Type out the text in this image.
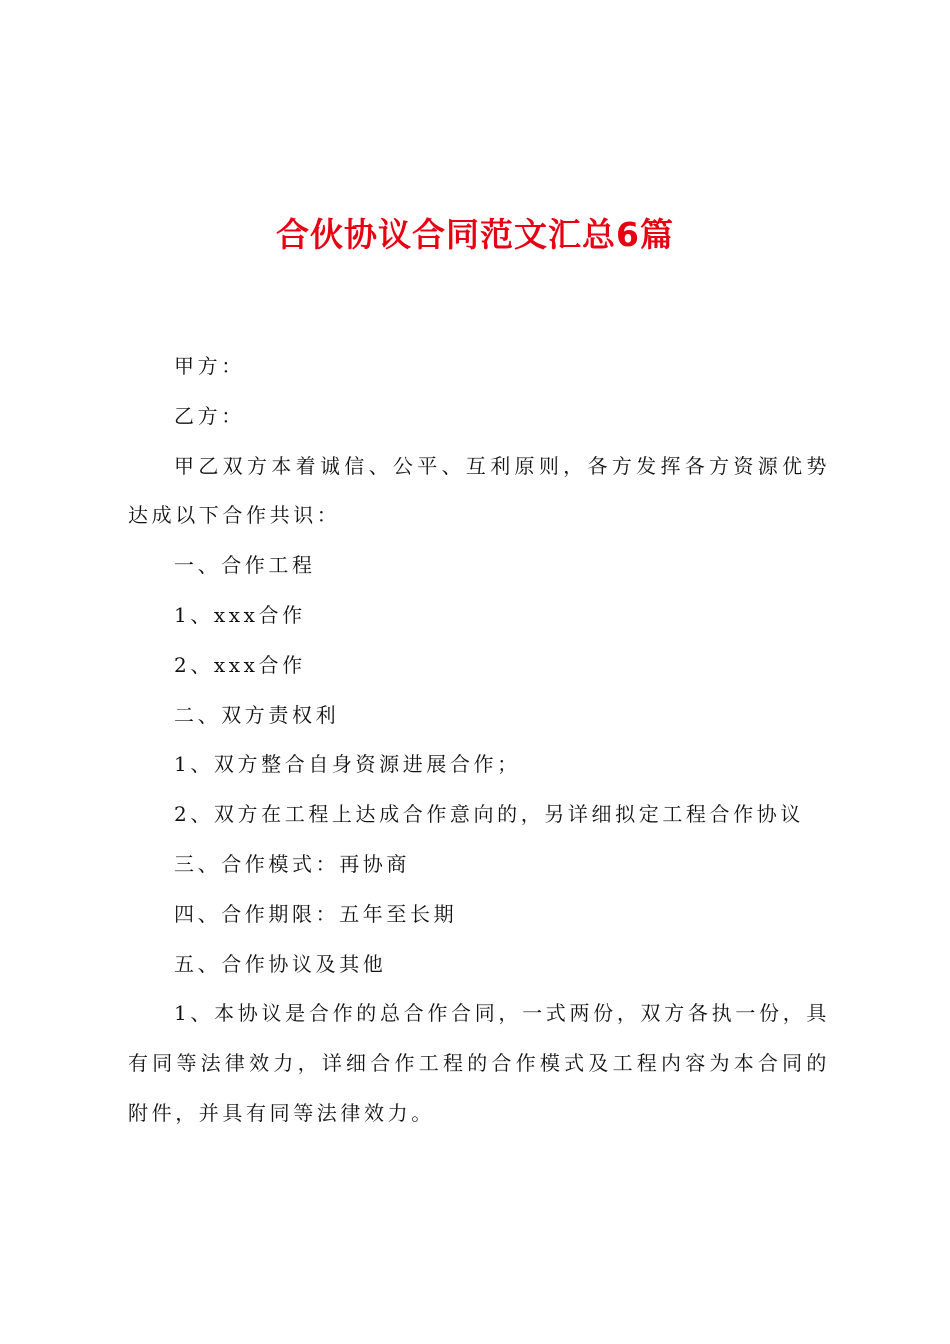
合伙协议合同范文汇总6篇

甲方：

乙方：

甲乙双方本着诚信、公平、互利原则，各方发挥各方资源优势达成以下合作共识：

一、合作工程

1、xxx合作

2、xxx合作

二、双方责权利

1、双方整合自身资源进展合作；

2、双方在工程上达成合作意向的，另详细拟定工程合作协议

三、合作模式：再协商

四、合作期限：五年至长期

五、合作协议及其他

1、本协议是合作的总合作合同，一式两份，双方各执一份，具有同等法律效力，详细合作工程的合作模式及工程内容为本合同的附件，并具有同等法律效力。
